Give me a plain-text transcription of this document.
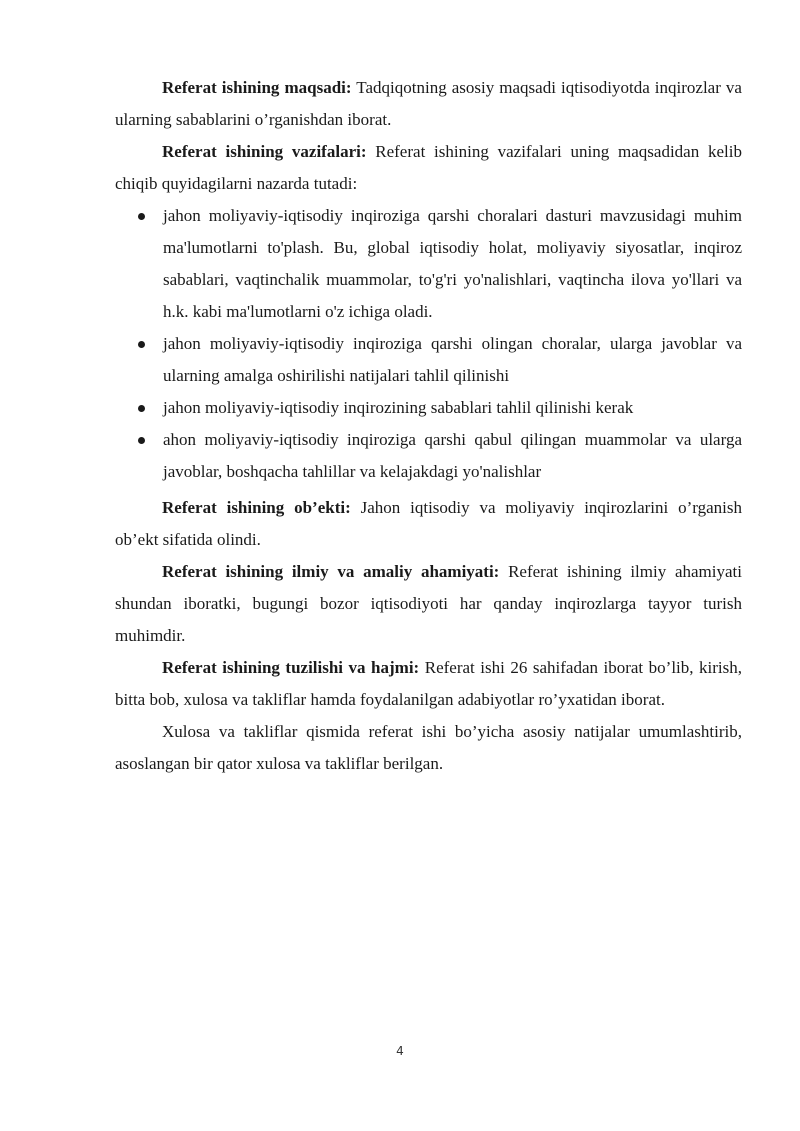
Referat ishining maqsadi: Tadqiqotning asosiy maqsadi iqtisodiyotda inqirozlar va ularning sabablarini o’rganishdan iborat.

Referat ishining vazifalari: Referat ishining vazifalari uning maqsadidan kelib chiqib quyidagilarni nazarda tutadi:

jahon moliyaviy-iqtisodiy inqiroziga qarshi choralari dasturi mavzusidagi muhim ma'lumotlarni to'plash. Bu, global iqtisodiy holat, moliyaviy siyosatlar, inqiroz sabablari, vaqtinchalik muammolar, to'g'ri yo'nalishlari, vaqtincha ilova yo'llari va h.k. kabi ma'lumotlarni o'z ichiga oladi.
jahon moliyaviy-iqtisodiy inqiroziga qarshi olingan choralar, ularga javoblar va ularning amalga oshirilishi natijalari tahlil qilinishi
jahon moliyaviy-iqtisodiy inqirozining sabablari tahlil qilinishi kerak
ahon moliyaviy-iqtisodiy inqiroziga qarshi qabul qilingan muammolar va ularga javoblar, boshqacha tahlillar va kelajakdagi yo'nalishlar

Referat ishining ob’ekti: Jahon iqtisodiy va moliyaviy inqirozlarini o’rganish ob’ekt sifatida olindi.

Referat ishining ilmiy va amaliy ahamiyati: Referat ishining ilmiy ahamiyati shundan iboratki, bugungi bozor iqtisodiyoti har qanday inqirozlarga tayyor turish muhimdir.

Referat ishining tuzilishi va hajmi: Referat ishi 26 sahifadan iborat bo’lib, kirish, bitta bob, xulosa va takliflar hamda foydalanilgan adabiyotlar ro’yxatidan iborat.

Xulosa va takliflar qismida referat ishi bo’yicha asosiy natijalar umumlashtirib, asoslangan bir qator xulosa va takliflar berilgan.

4
